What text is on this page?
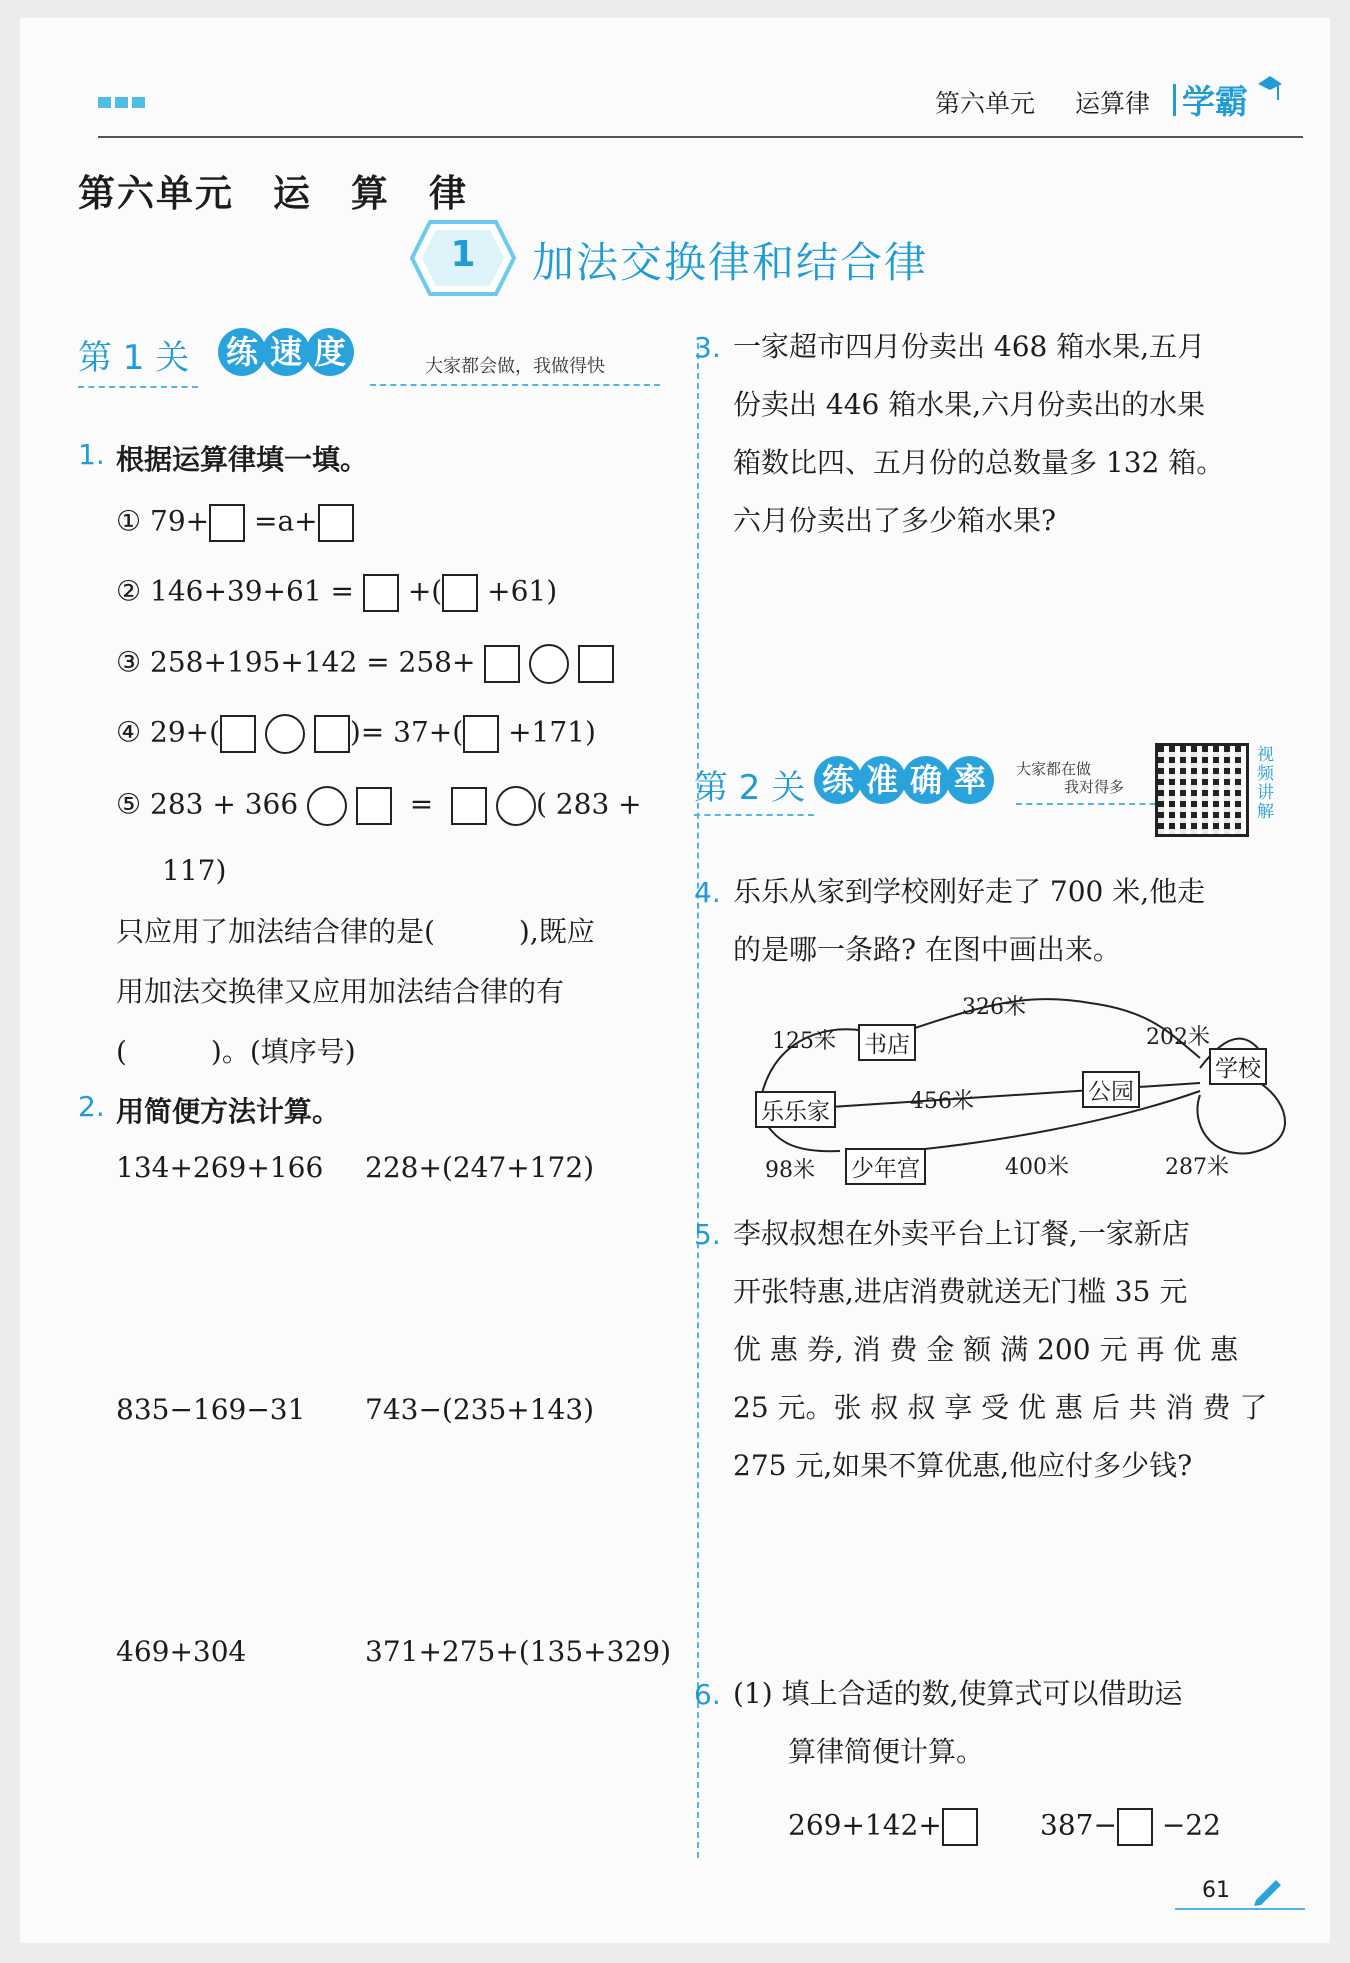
第六单元 运算律 学霸
第六单元　运　算　律
1	加法交换律和结合律
第 1 关 练 速 度	大家都会做，我做得快
1. 根据运算律填一填。
① 79+ =a+
② 146+39+61 = +( +61)
③ 258+195+142 = 258+
④ 29+(	)= 37+( +171)
⑤ 283 + 366	=	( 283 +
117)
只应用了加法结合律的是(　　　),既应
用加法交换律又应用加法结合律的有
(　　　)。(填序号)
2. 用简便方法计算。
134+269+166 228+(247+172)
835−169−31 743−(235+143)
469+304	371+275+(135+329)
3. 一家超市四月份卖出 468 箱水果,五月
份卖出 446 箱水果,六月份卖出的水果
箱数比四、五月份的总数量多 132 箱。
六月份卖出了多少箱水果?
第 2 关 练 准 确 率 大家都在做
我对得多
视频讲解
4. 乐乐从家到学校刚好走了 700 米,他走
的是哪一条路? 在图中画出来。
乐乐家
书店
少年宫
公园
学校
125米
326米
456米
98米	400米
202米
287米
5. 李叔叔想在外卖平台上订餐,一家新店
开张特惠,进店消费就送无门槛 35 元
优 惠 券, 消 费 金 额 满 200 元 再 优 惠
25 元。张 叔 叔 享 受 优 惠 后 共 消 费 了
275 元,如果不算优惠,他应付多少钱?
6. (1) 填上合适的数,使算式可以借助运
算律简便计算。
269+142+	387− −22
61
